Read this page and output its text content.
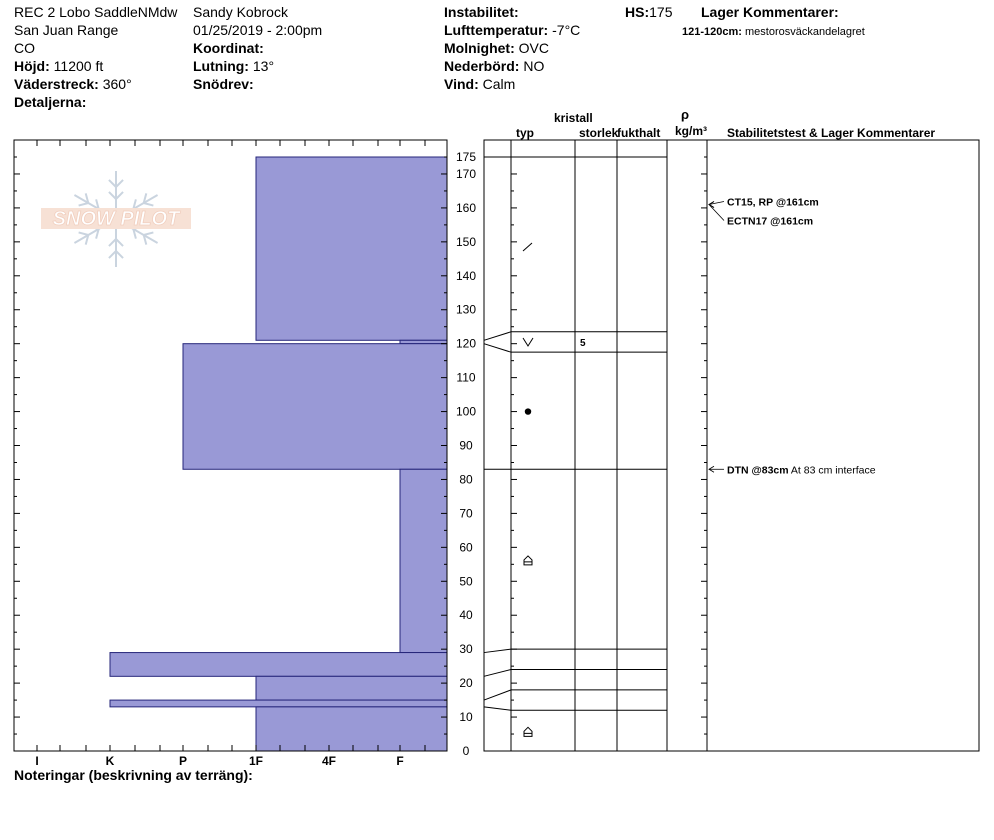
REC 2 Lobo SaddleNMdw
San Juan Range
CO
Höjd: 11200 ft
Väderstreck: 360°
Detaljerna:
Sandy Kobrock
01/25/2019 - 2:00pm
Koordinat:
Lutning: 13°
Snödrev:
Instabilitet:
Lufttemperatur: -7°C
Molnighet: OVC
Nederbörd: NO
Vind: Calm
HS:175 Lager Kommentarer:
121-120cm: mestorosväckandelagret
kristall
typ	storlek
fukthalt
ρ
kg/m³ Stabilitetstest & Lager Kommentarer
Noteringar (beskrivning av terräng):
SNOW PILOT
0
10
20
30
40
50
60
70
80
90
100
110
120
130
140
150
160
170
175
I	K	P	1F	4F	F
5
DTN @83cm At 83 cm interface
CT15, RP @161cm
ECTN17 @161cm
